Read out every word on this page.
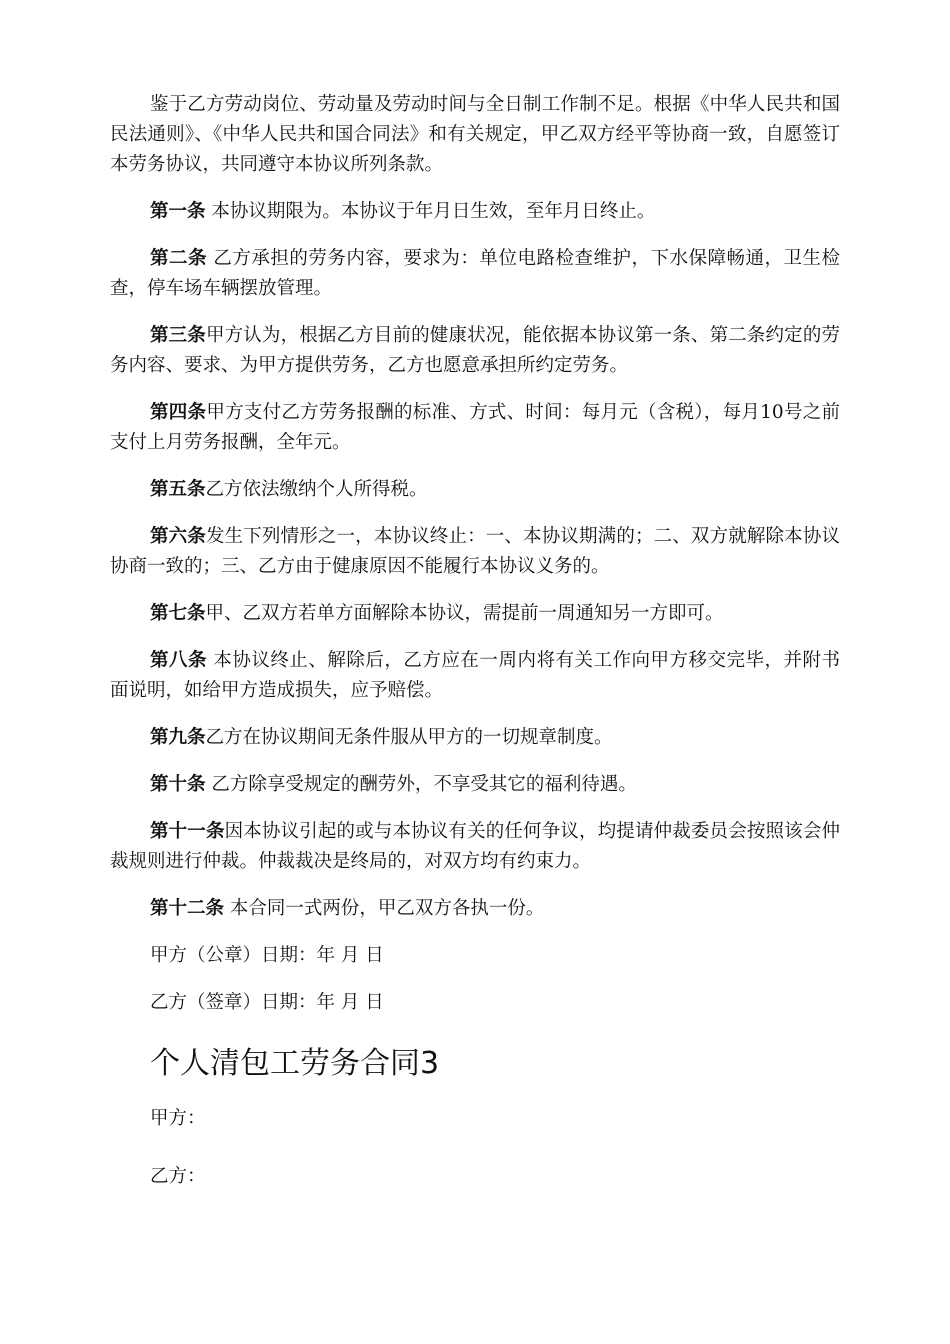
鉴于乙方劳动岗位、劳动量及劳动时间与全日制工作制不足。根据《中华人民共和国民法通则》、《中华人民共和国合同法》和有关规定，甲乙双方经平等协商一致，自愿签订本劳务协议，共同遵守本协议所列条款。

第一条 本协议期限为。本协议于年月日生效，至年月日终止。

第二条 乙方承担的劳务内容，要求为：单位电路检查维护，下水保障畅通，卫生检查，停车场车辆摆放管理。

第三条甲方认为，根据乙方目前的健康状况，能依据本协议第一条、第二条约定的劳务内容、要求、为甲方提供劳务，乙方也愿意承担所约定劳务。

第四条甲方支付乙方劳务报酬的标准、方式、时间：每月元（含税），每月10号之前支付上月劳务报酬，全年元。

第五条乙方依法缴纳个人所得税。

第六条发生下列情形之一，本协议终止：一、本协议期满的；二、双方就解除本协议协商一致的；三、乙方由于健康原因不能履行本协议义务的。

第七条甲、乙双方若单方面解除本协议，需提前一周通知另一方即可。

第八条 本协议终止、解除后，乙方应在一周内将有关工作向甲方移交完毕，并附书面说明，如给甲方造成损失，应予赔偿。

第九条乙方在协议期间无条件服从甲方的一切规章制度。

第十条 乙方除享受规定的酬劳外，不享受其它的福利待遇。

第十一条因本协议引起的或与本协议有关的任何争议，均提请仲裁委员会按照该会仲裁规则进行仲裁。仲裁裁决是终局的，对双方均有约束力。

第十二条 本合同一式两份，甲乙双方各执一份。

甲方（公章）日期：年 月 日

乙方（签章）日期：年 月 日

个人清包工劳务合同3

甲方：

乙方：
